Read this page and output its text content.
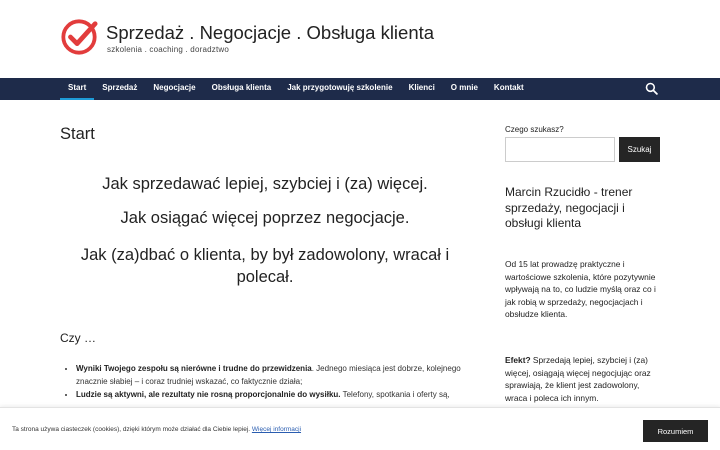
Sprzedaż . Negocjacje . Obsługa klienta
szkolenia . coaching . doradztwo
Start	Sprzedaż	Negocjacje	Obsługa klienta	Jak przygotowuję szkolenie	Klienci	O mnie	Kontakt
Start
Jak sprzedawać lepiej, szybciej i (za) więcej.
Jak osiągać więcej poprzez negocjacje.
Jak (za)dbać o klienta, by był zadowolony, wracał i polecał.
Czy …
• Wyniki Twojego zespołu są nierówne i trudne do przewidzenia. Jednego miesiąca jest dobrze, kolejnego znacznie słabiej – i coraz trudniej wskazać, co faktycznie działa;
• Ludzie są aktywni, ale rezultaty nie rosną proporcjonalnie do wysiłku. Telefony, spotkania i oferty są,
Czego szukasz?
Szukaj
Marcin Rzucidło - trener sprzedaży, negocjacji i obsługi klienta
Od 15 lat prowadzę praktyczne i wartościowe szkolenia, które pozytywnie wpływają na to, co ludzie myślą oraz co i jak robią w sprzedaży, negocjacjach i obsłudze klienta.
Efekt? Sprzedają lepiej, szybciej i (za) więcej, osiągają więcej negocjując oraz sprawiają, że klient jest zadowolony, wraca i poleca ich innym.
Ta strona używa ciasteczek (cookies), dzięki którym może działać dla Ciebie lepiej. Więcej informacji	Rozumiem
